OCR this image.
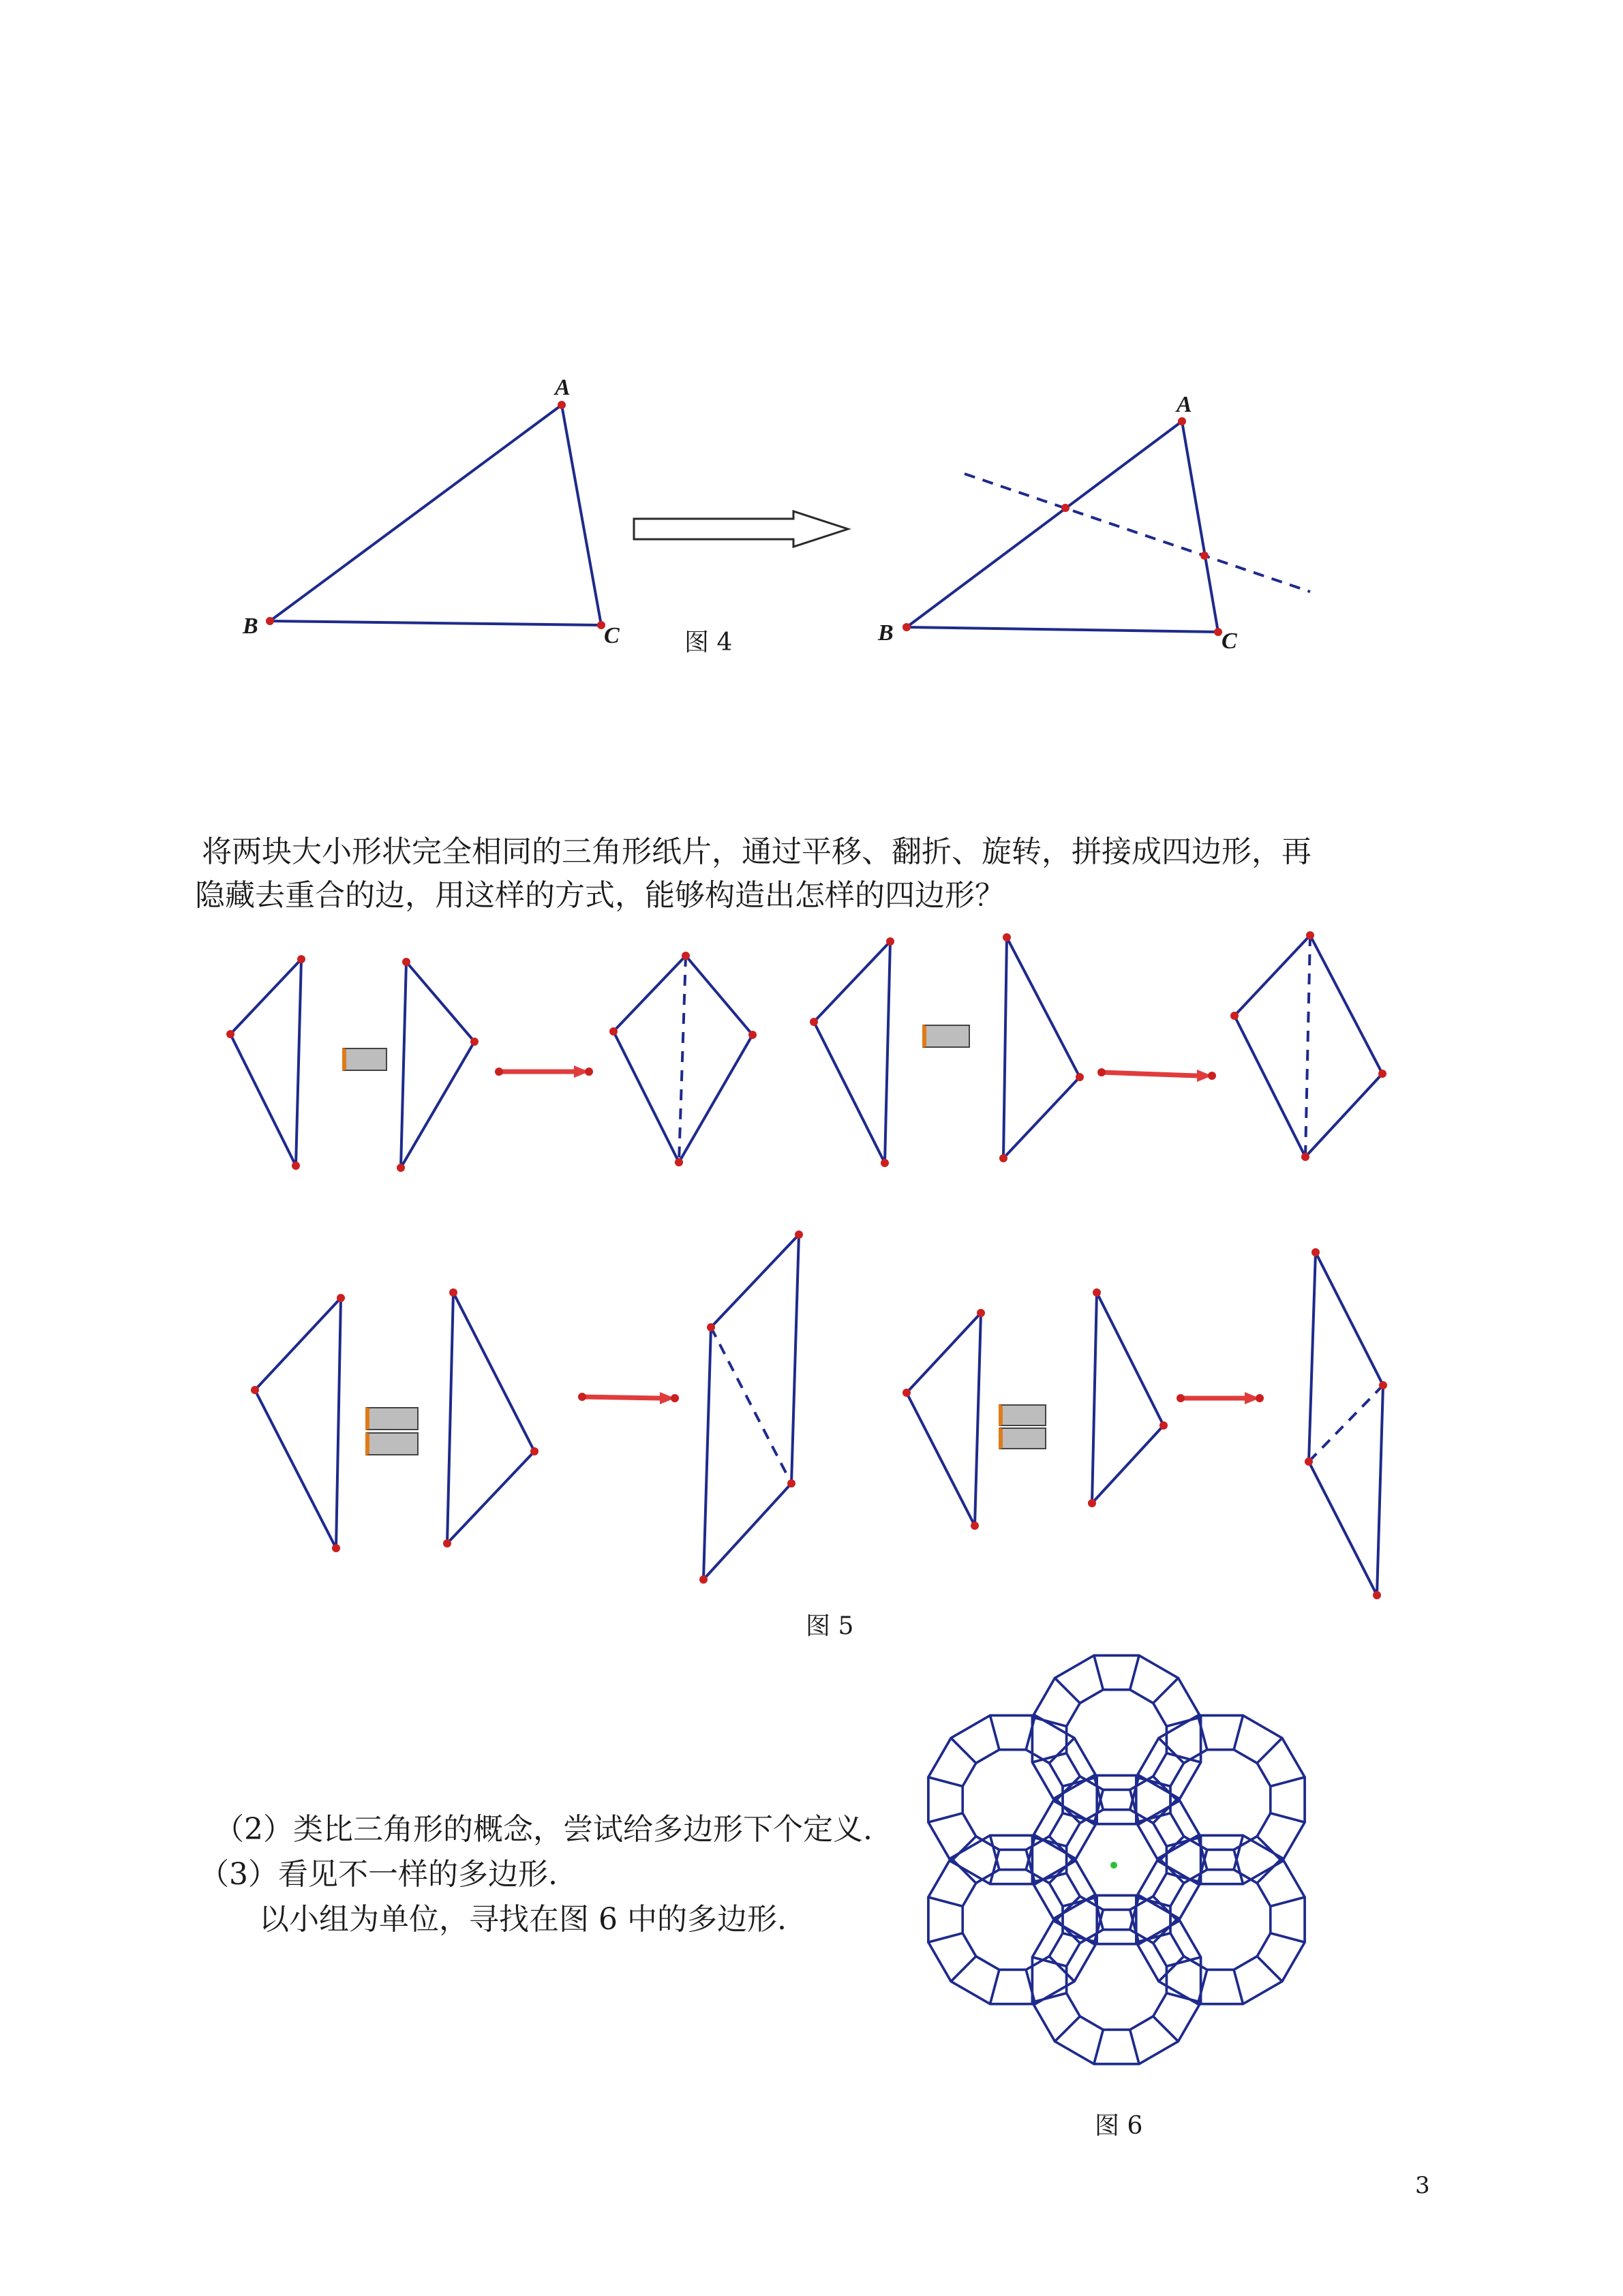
A
B	C	图 4
A
B	C
将两块大小形状完全相同的三角形纸片，通过平移、翻折、旋转，拼接成四边形，再
隐藏去重合的边，用这样的方式，能够构造出怎样的四边形？
图 5
（2）类比三角形的概念，尝试给多边形下个定义.
（3）看见不一样的多边形.
以小组为单位，寻找在图 6 中的多边形.
图 6
3
